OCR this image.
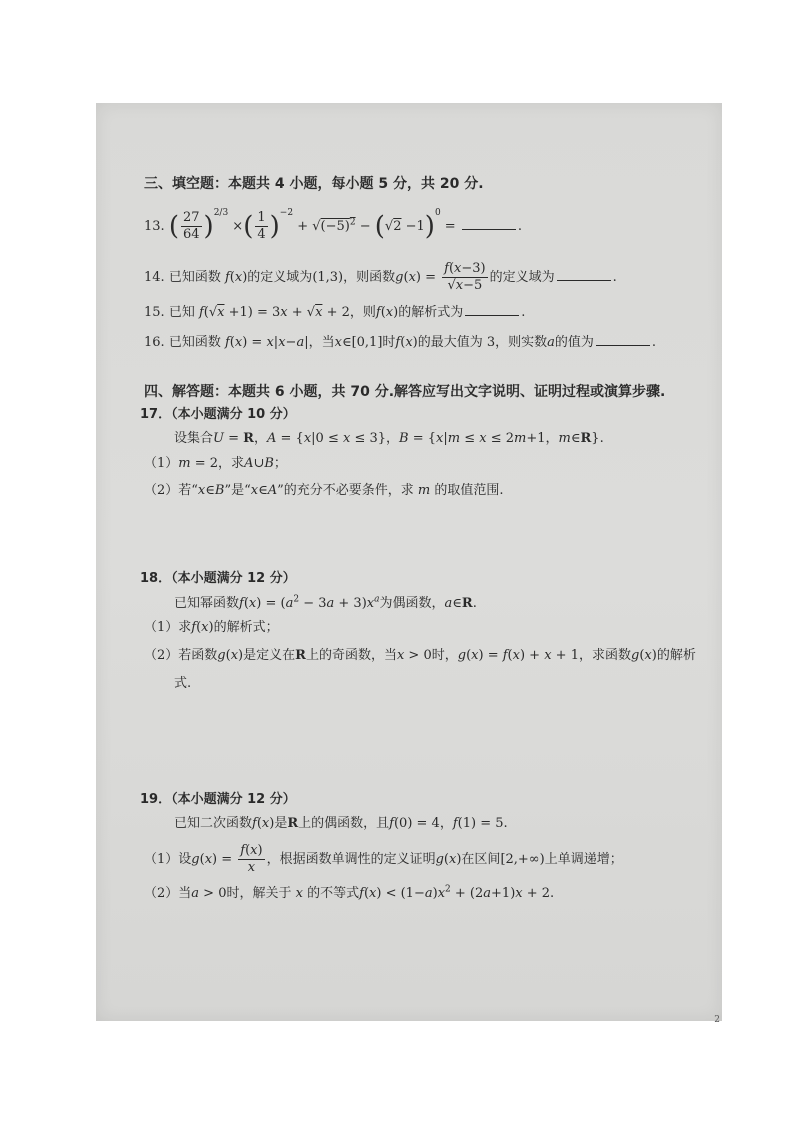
三、填空题：本题共 4 小题，每小题 5 分，共 20 分.
13. ( $\frac{27}{64} )^{2/3}$ ×( $\frac{1}{4} )^{-2} + √(-5)^2 - (√2 -1)^0$ =	.
14. 已知函数 f(x)的定义域为(1,3)，则函数$g(x) = \frac{f(x-3)}{√x-5}$ 的定义域为	.
15. 已知 f(√x +1) = 3x + √x + 2，则f(x)的解析式为	.
16. 已知函数 f(x) = x|x−a|，当x∈[0,1]时f(x)的最大值为 3，则实数a的值为	.
四、解答题：本题共 6 小题，共 70 分.解答应写出文字说明、证明过程或演算步骤.
17．（本小题满分 10 分）
设集合U = R，A = {x|0 ≤ x ≤ 3}，B = {x|m ≤ x ≤ 2m+1，m∈R}.
（1）m = 2，求A∪B；
（2）若“x∈B”是“x∈A”的充分不必要条件，求 m 的取值范围.
18．（本小题满分 12 分）
已知幂函数$f(x) = (a^2 - 3a + 3)x^a$为偶函数，a∈R.
（1）求f(x)的解析式；
（2）若函数g(x)是定义在R上的奇函数，当x > 0时，g(x) = f(x) + x + 1，求函数g(x)的解析
式.
19．（本小题满分 12 分）
已知二次函数f(x)是R上的偶函数，且f(0) = 4，f(1) = 5.
（1）设$g(x) = \frac{f(x)}{x}$ ，根据函数单调性的定义证明g(x)在区间[2,+∞)上单调递增；
（2）当a > 0时，解关于 x 的不等式$f(x) < (1-a)x^2 + (2a+1)x + 2$.
2
